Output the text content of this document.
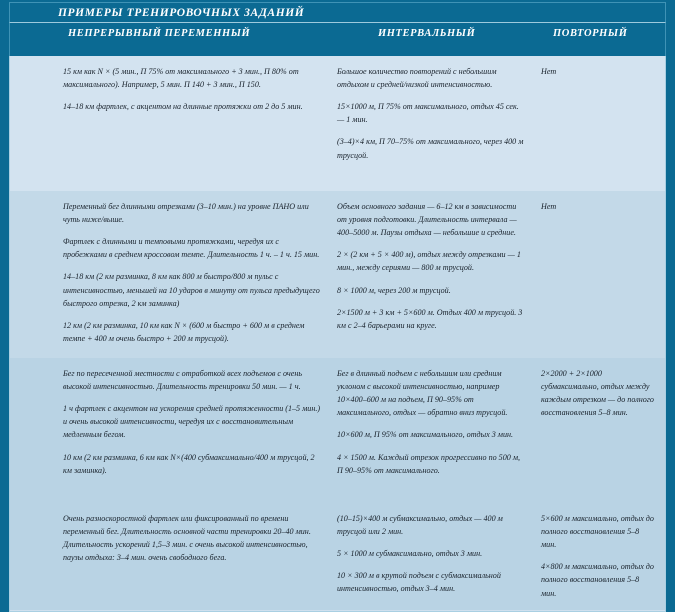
ПРИМЕРЫ ТРЕНИРОВОЧНЫХ ЗАДАНИЙ
НЕПРЕРЫВНЫЙ ПЕРЕМЕННЫЙ	ИНТЕРВАЛЬНЫЙ	ПОВТОРНЫЙ

15 км как N × (5 мин., П 75% от максимального + 3 мин., П 80% от максимального). Например, 5 мин. П 140 + 3 мин., П 150.

14–18 км фартлек, с акцентом на длинные протяжки от 2 до 5 мин.

Большое количество повторений с небольшим отдыхом и средней/низкой интенсивностью.

15×1000 м, П 75% от максимального, отдых 45 сек. — 1 мин.

(3–4)×4 км, П 70–75% от максимального, через 400 м трусцой.

Нет

Переменный бег длинными отрезками (3–10 мин.) на уровне ПАНО или чуть ниже/выше.

Фартлек с длинными и темповыми протяжками, чередуя их с пробежками в среднем кроссовом темпе. Длительность 1 ч. – 1 ч. 15 мин.

14–18 км (2 км разминка, 8 км как 800 м быстро/800 м пульс с интенсивностью, меньшей на 10 ударов в минуту от пульса предыдущего быстрого отрезка, 2 км заминка)

12 км (2 км разминка, 10 км как N × (600 м быстро + 600 м в среднем темпе + 400 м очень быстро + 200 м трусцой).

Объем основного задания — 6–12 км в зависимости от уровня подготовки. Длительность интервала — 400–5000 м. Паузы отдыха — небольшие и средние.

2 × (2 км + 5 × 400 м), отдых между отрезками — 1 мин., между сериями — 800 м трусцой.

8 × 1000 м, через 200 м трусцой.

2×1500 м + 3 км + 5×600 м. Отдых 400 м трусцой. 3 км с 2–4 барьерами на круге.

Нет

Бег по пересеченной местности с отработкой всех подъемов с очень высокой интенсивностью. Длительность тренировки 50 мин. — 1 ч.

1 ч фартлек с акцентом на ускорения средней протяженности (1–5 мин.) и очень высокой интенсивности, чередуя их с восстановительным медленным бегом.

10 км (2 км разминка, 6 км как N×(400 субмаксимально/400 м трусцой, 2 км заминка).

Бег в длинный подъем с небольшим или средним уклоном с высокой интенсивностью, например 10×400–600 м на подъем, П 90–95% от максимального, отдых — обратно вниз трусцой.

10×600 м, П 95% от максимального, отдых 3 мин.

4 × 1500 м. Каждый отрезок прогрессивно по 500 м, П 90–95% от максимального.

2×2000 + 2×1000 субмаксимально, отдых между каждым отрезком — до полного восстановления 5–8 мин.

Очень разноскоростной фартлек или фиксированный по времени переменный бег. Длительность основной части тренировки 20–40 мин. Длительность ускорений 1,5–3 мин. с очень высокой интенсивностью, паузы отдыха: 3–4 мин. очень свободного бега.

(10–15)×400 м субмаксимально, отдых — 400 м трусцой или 2 мин.

5 × 1000 м субмаксимально, отдых 3 мин.

10 × 300 м в крутой подъем с субмаксимальной интенсивностью, отдых 3–4 мин.

5×600 м максимально, отдых до полного восстановления 5–8 мин.

4×800 м максимально, отдых до полного восстановления 5–8 мин.
